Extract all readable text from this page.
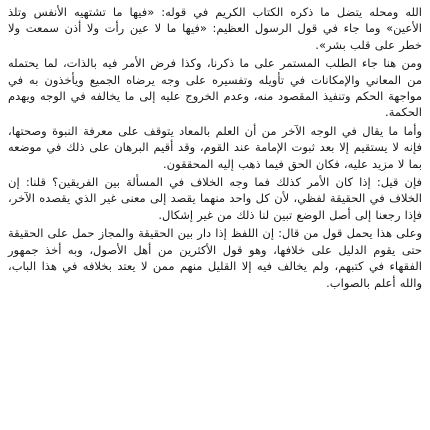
الله ومحله يتضل ما ذكره الكتاب الكريم في قوله: «فيها ما تشتهيه الأنفس وتلذ الأعين» وما جاء في قول الرسول العظيم: «فيها ما لا عين رأت ولا أذن سمعت ولا خطر على قلب بشر».

ومن هنا جاء الطلب المستمر على ما ذكرنا، وكذا فرض الأمر فيه بالذات، لما يحتمله من المعاني والإمكانات في تأويله وتفسيره على وجه يرضاه الجميع ويأخذون به في مواجهة الحكم وتنفيذ المقصود منه، وعدم الخروج عليه إلى ما يخالفه في الوجه ويهدم الحكمة.

وأما ما يقال في الوجه الآخر من أن العلم بالمعاد يتوقف على معرفة النبوة وصحتها، فإنه لا يستقيم إلا بعد ثبوت الإمامة عند القوم، وقد أقيم البرهان على ذلك في موضعه بما لا مزيد عليه، فكان الحق فيما ذهب إليه المحققون.

فإن قيل: إذا كان الأمر كذلك فما وجه الخلاف في المسألة بين الفريقين؟ قلنا: إن الخلاف في الحقيقة لفظي، لأن كل واحد منهما يقصد إلى معنى غير الذي يقصده الآخر، فإذا رجعنا إلى أصل الوضع تبين لنا ذلك من غير إشكال.

وعلى هذا يحمل قول من قال: إن اللفظ إذا دار بين الحقيقة والمجاز حمل على الحقيقة حتى يقوم الدليل على خلافها، وهو قول الأكثرين من أهل الأصول، وبه أخذ جمهور الفقهاء في كتبهم، ولم يخالف فيه إلا القليل منهم ممن لا يعتد بخلافه في هذا الباب، والله أعلم بالصواب.
